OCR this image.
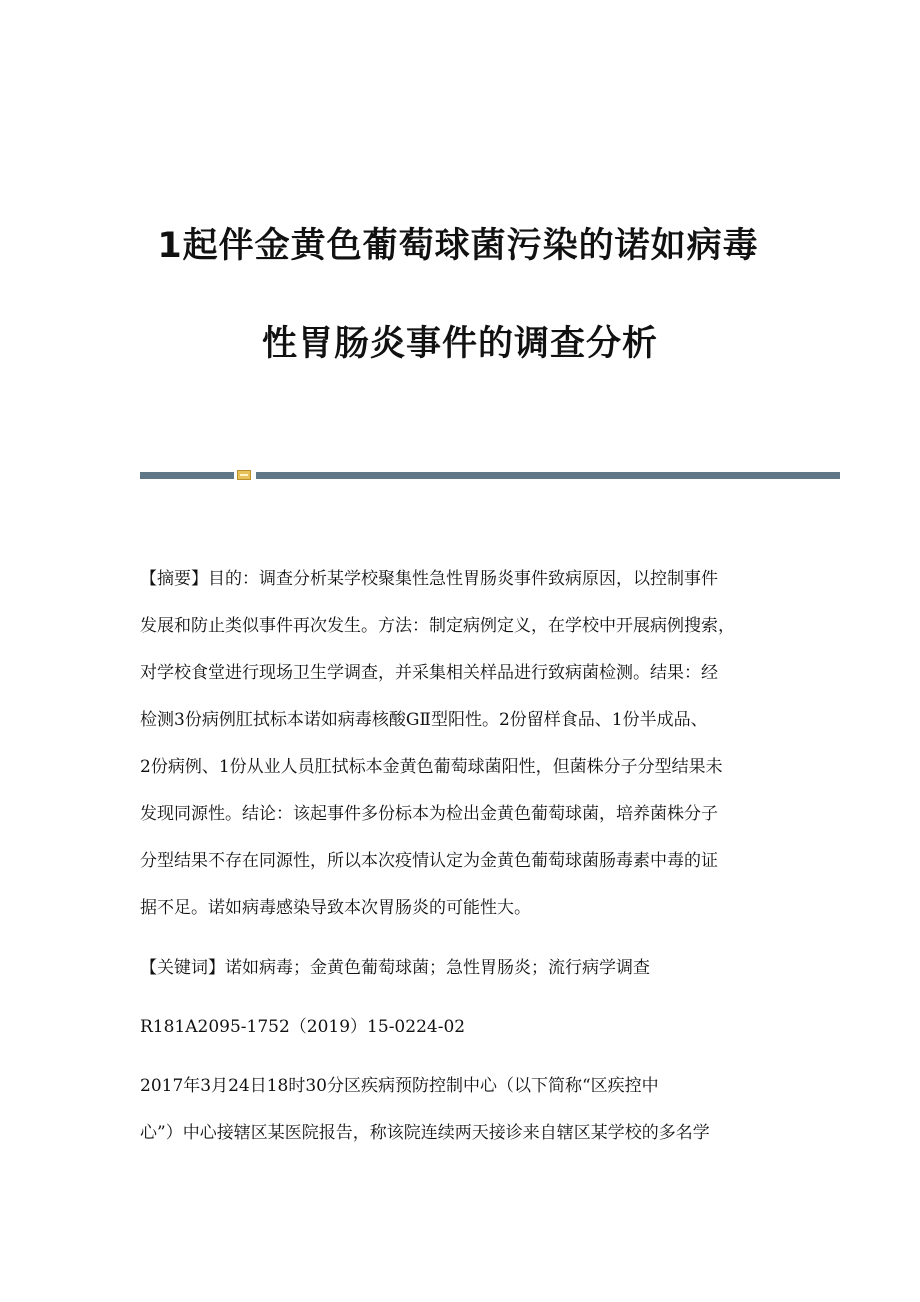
1起伴金黄色葡萄球菌污染的诺如病毒
性胃肠炎事件的调查分析
【摘要】目的：调查分析某学校聚集性急性胃肠炎事件致病原因，以控制事件
发展和防止类似事件再次发生。方法：制定病例定义，在学校中开展病例搜索，
对学校食堂进行现场卫生学调查，并采集相关样品进行致病菌检测。结果：经
检测3份病例肛拭标本诺如病毒核酸GⅡ型阳性。2份留样食品、1份半成品、
2份病例、1份从业人员肛拭标本金黄色葡萄球菌阳性，但菌株分子分型结果未
发现同源性。结论：该起事件多份标本为检出金黄色葡萄球菌，培养菌株分子
分型结果不存在同源性，所以本次疫情认定为金黄色葡萄球菌肠毒素中毒的证
据不足。诺如病毒感染导致本次胃肠炎的可能性大。
【关键词】诺如病毒；金黄色葡萄球菌；急性胃肠炎；流行病学调查
R181A2095-1752（2019）15-0224-02
2017年3月24日18时30分区疾病预防控制中心（以下简称“区疾控中
心”）中心接辖区某医院报告，称该院连续两天接诊来自辖区某学校的多名学
